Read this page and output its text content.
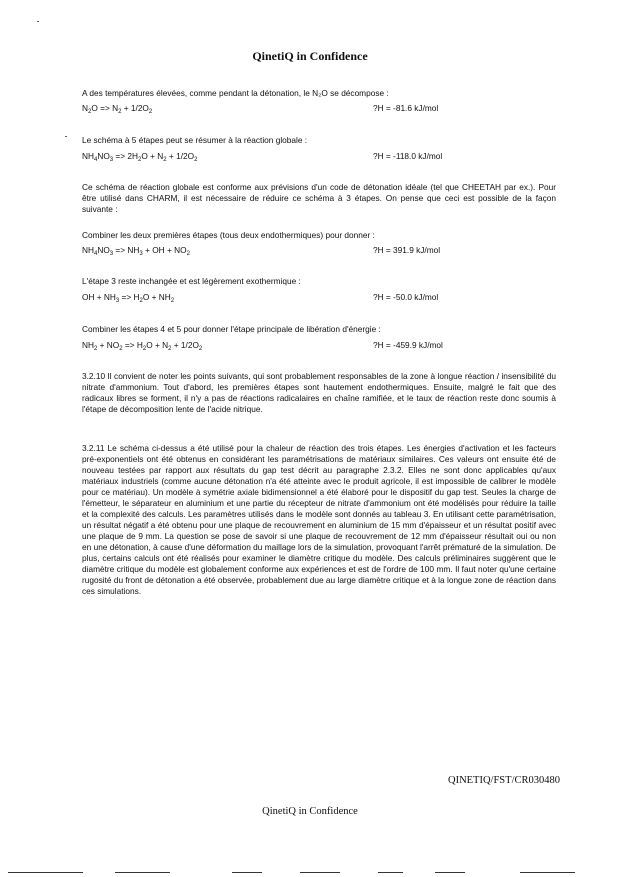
QinetiQ in Confidence

A des températures élevées, comme pendant la détonation, le N₂O se décompose :

$N_2O => N_2 + 1/2O_2$	?H = -81.6 kJ/mol

Le schéma à 5 étapes peut se résumer à la réaction globale :

$NH_4NO_3 => 2H_2O + N_2 + 1/2O_2$	?H = -118.0 kJ/mol

Ce schéma de réaction globale est conforme aux prévisions d'un code de détonation idéale (tel que CHEETAH par ex.). Pour être utilisé dans CHARM, il est nécessaire de réduire ce schéma à 3 étapes. On pense que ceci est possible de la façon suivante :

Combiner les deux premières étapes (tous deux endothermiques) pour donner :

$NH_4NO_3 => NH_3$ + OH + $NO_2$	?H = 391.9 kJ/mol

L'étape 3 reste inchangée et est légèrement exothermique :

OH + $NH_3 => H_2O + NH_2$	?H = -50.0 kJ/mol

Combiner les étapes 4 et 5 pour donner l'étape principale de libération d'énergie :

$NH_2 + NO_2 => H_2O + N_2 + 1/2O_2$	?H = -459.9 kJ/mol

3.2.10 Il convient de noter les points suivants, qui sont probablement responsables de la zone à longue réaction / insensibilité du nitrate d'ammonium. Tout d'abord, les premières étapes sont hautement endothermiques. Ensuite, malgré le fait que des radicaux libres se forment, il n'y a pas de réactions radicalaires en chaîne ramifiée, et le taux de réaction reste donc soumis à l'étape de décomposition lente de l'acide nitrique.

3.2.11 Le schéma ci-dessus a été utilisé pour la chaleur de réaction des trois étapes. Les énergies d'activation et les facteurs pré-exponentiels ont été obtenus en considérant les paramétrisations de matériaux similaires. Ces valeurs ont ensuite été de nouveau testées par rapport aux résultats du gap test décrit au paragraphe 2.3.2. Elles ne sont donc applicables qu'aux matériaux industriels (comme aucune détonation n'a été atteinte avec le produit agricole, il est impossible de calibrer le modèle pour ce matériau). Un modèle à symétrie axiale bidimensionnel a été élaboré pour le dispositif du gap test. Seules la charge de l'émetteur, le séparateur en aluminium et une partie du récepteur de nitrate d'ammonium ont été modélisés pour réduire la taille et la complexité des calculs. Les paramètres utilisés dans le modèle sont donnés au tableau 3. En utilisant cette paramétrisation, un résultat négatif a été obtenu pour une plaque de recouvrement en aluminium de 15 mm d'épaisseur et un résultat positif avec une plaque de 9 mm. La question se pose de savoir si une plaque de recouvrement de 12 mm d'épaisseur résultait oui ou non en une détonation, à cause d'une déformation du maillage lors de la simulation, provoquant l'arrêt prématuré de la simulation. De plus, certains calculs ont été réalisés pour examiner le diamètre critique du modèle. Des calculs préliminaires suggèrent que le diamètre critique du modèle est globalement conforme aux expériences et est de l'ordre de 100 mm. Il faut noter qu'une certaine rugosité du front de détonation a été observée, probablement due au large diamètre critique et à la longue zone de réaction dans ces simulations.

QINETIQ/FST/CR030480
QinetiQ in Confidence
